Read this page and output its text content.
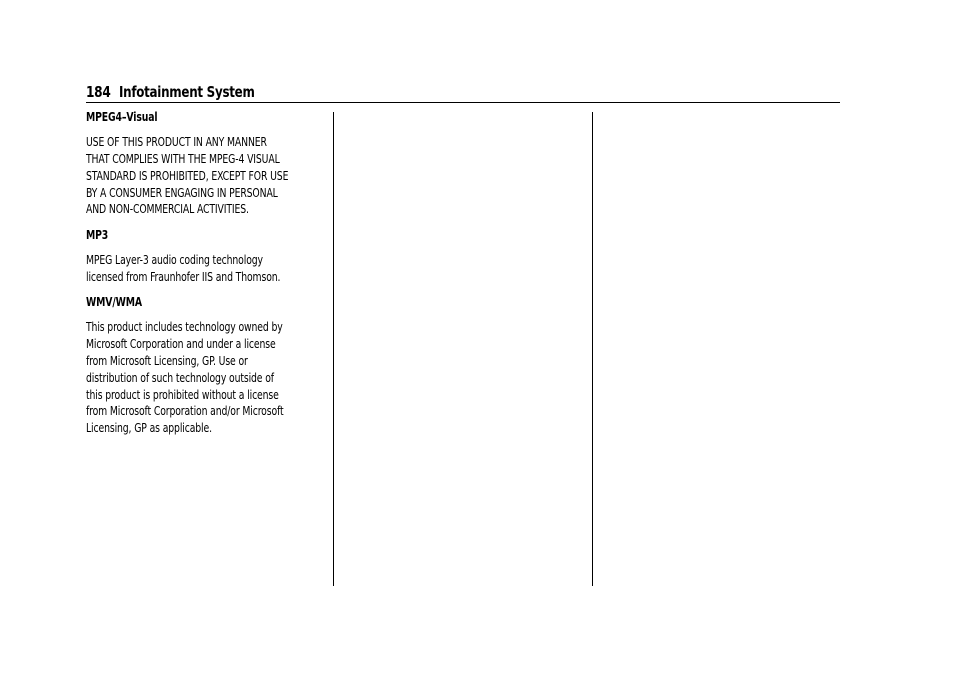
184 Infotainment System
MPEG4–Visual
USE OF THIS PRODUCT IN ANY MANNER
THAT COMPLIES WITH THE MPEG-4 VISUAL
STANDARD IS PROHIBITED, EXCEPT FOR USE
BY A CONSUMER ENGAGING IN PERSONAL
AND NON-COMMERCIAL ACTIVITIES.
MP3
MPEG Layer-3 audio coding technology
licensed from Fraunhofer IIS and Thomson.
WMV/WMA
This product includes technology owned by
Microsoft Corporation and under a license
from Microsoft Licensing, GP. Use or
distribution of such technology outside of
this product is prohibited without a license
from Microsoft Corporation and/or Microsoft
Licensing, GP as applicable.
